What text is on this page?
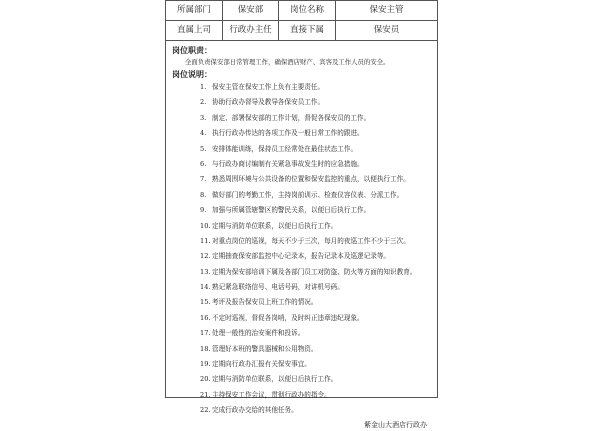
所属部门	保安部	岗位名称	保安主管
直属上司	行政办主任	直接下属	保安员
岗位职责：
全面负责保安部日常管理工作，确保酒店财产、宾客及工作人员的安全。
岗位说明：
1. 保安主管在保安工作上负有主要责任。
2. 协助行政办督导及教导各保安员工作。
3. 制定、部署保安部的工作计划，督促各保安员的工作。
4. 执行行政办传达的各项工作及一般日常工作的跟进。
5. 安排体能训练，保持员工经常处在最佳状态工作。
6. 与行政办商讨编制有关紧急事故发生时的应急措施。
7. 熟悉周围环境与公共设备的位置和保安监控的重点，以便执行工作。
8. 做好部门的考勤工作，主持岗前训示、检查仪容仪表、分派工作。
9. 加强与所属管辖警区的警民关系，以便日后执行工作。
10. 定期与消防单位联系，以便日后执行工作。
11. 对重点岗位的巡视，每天不少于三次，每月的夜巡工作不少于三次。
12. 定期抽查保安部监控中心记录本，报告记录本及巡逻记录等。
13. 定期为保安部培训下属及各部门员工对防盗、防火等方面的知识教育。
14. 熟记紧急联络信号、电话号码，对讲机号码。
15. 考评及报告保安员上班工作的情况。
16. 不定时巡视，督促各岗哨，及时纠正违章违纪现象。
17. 处理一般性的治安案件和投诉。
18. 管理好本班的警具器械和公用物资。
19. 定期向行政办汇报有关保安事宜。
20. 定期与消防单位联系，以便日后执行工作。
21. 主持保安工作会议，贯彻行政办的指令。
22. 完成行政办交给的其他任务。
紫金山大酒店行政办
